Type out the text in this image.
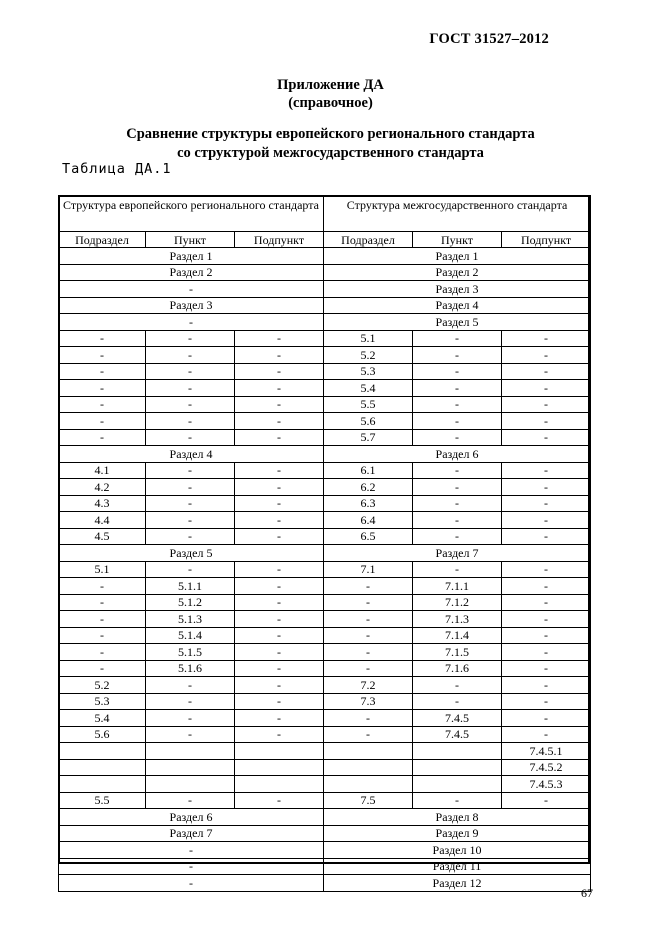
ГОСТ 31527–2012
Приложение ДА
(справочное)
Сравнение структуры европейского регионального стандарта
со структурой межгосударственного стандарта
Таблица ДА.1
Структура европейского регионального стандарта			Структура межгосударственного стандарта		
Подраздел	Пункт	Подпункт	Подраздел	Пункт	Подпункт
Раздел 1			Раздел 1		
Раздел 2			Раздел 2		
-			Раздел 3		
Раздел 3			Раздел 4		
-			Раздел 5		
-	-	-	5.1	-	-
-	-	-	5.2	-	-
-	-	-	5.3	-	-
-	-	-	5.4	-	-
-	-	-	5.5	-	-
-	-	-	5.6	-	-
-	-	-	5.7	-	-
Раздел 4			Раздел 6		
4.1	-	-	6.1	-	-
4.2	-	-	6.2	-	-
4.3	-	-	6.3	-	-
4.4	-	-	6.4	-	-
4.5	-	-	6.5	-	-
Раздел 5			Раздел 7		
5.1	-	-	7.1	-	-
-	5.1.1	-	-	7.1.1	-
-	5.1.2	-	-	7.1.2	-
-	5.1.3	-	-	7.1.3	-
-	5.1.4	-	-	7.1.4	-
-	5.1.5	-	-	7.1.5	-
-	5.1.6	-	-	7.1.6	-
5.2	-	-	7.2	-	-
5.3	-	-	7.3	-	-
5.4	-	-	-	7.4.5	-
5.6	-	-	-	7.4.5	-
					7.4.5.1
					7.4.5.2
					7.4.5.3
5.5	-	-	7.5	-	-
Раздел 6			Раздел 8		
Раздел 7			Раздел 9		
-			Раздел 10		
-			Раздел 11		
-			Раздел 12		
67
